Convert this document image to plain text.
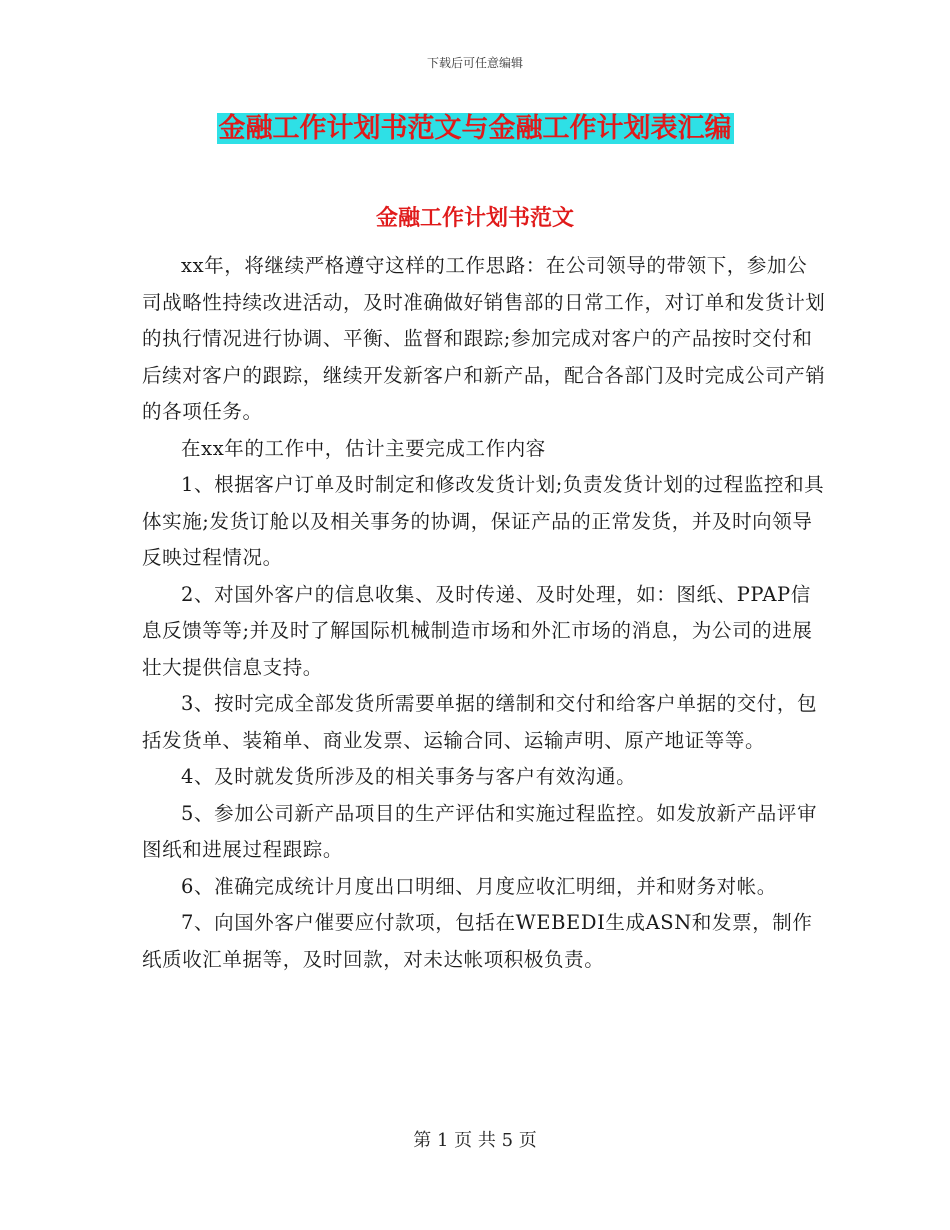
下载后可任意编辑
金融工作计划书范文与金融工作计划表汇编
金融工作计划书范文

xx年，将继续严格遵守这样的工作思路：在公司领导的带领下，参加公司战略性持续改进活动，及时准确做好销售部的日常工作，对订单和发货计划的执行情况进行协调、平衡、监督和跟踪;参加完成对客户的产品按时交付和后续对客户的跟踪，继续开发新客户和新产品，配合各部门及时完成公司产销的各项任务。

在xx年的工作中，估计主要完成工作内容

1、根据客户订单及时制定和修改发货计划;负责发货计划的过程监控和具体实施;发货订舱以及相关事务的协调，保证产品的正常发货，并及时向领导反映过程情况。

2、对国外客户的信息收集、及时传递、及时处理，如：图纸、PPAP信息反馈等等;并及时了解国际机械制造市场和外汇市场的消息，为公司的进展壮大提供信息支持。

3、按时完成全部发货所需要单据的缮制和交付和给客户单据的交付，包括发货单、装箱单、商业发票、运输合同、运输声明、原产地证等等。

4、及时就发货所涉及的相关事务与客户有效沟通。

5、参加公司新产品项目的生产评估和实施过程监控。如发放新产品评审图纸和进展过程跟踪。

6、准确完成统计月度出口明细、月度应收汇明细，并和财务对帐。

7、向国外客户催要应付款项，包括在WEBEDI生成ASN和发票，制作纸质收汇单据等，及时回款，对未达帐项积极负责。

第 1 页 共 5 页
